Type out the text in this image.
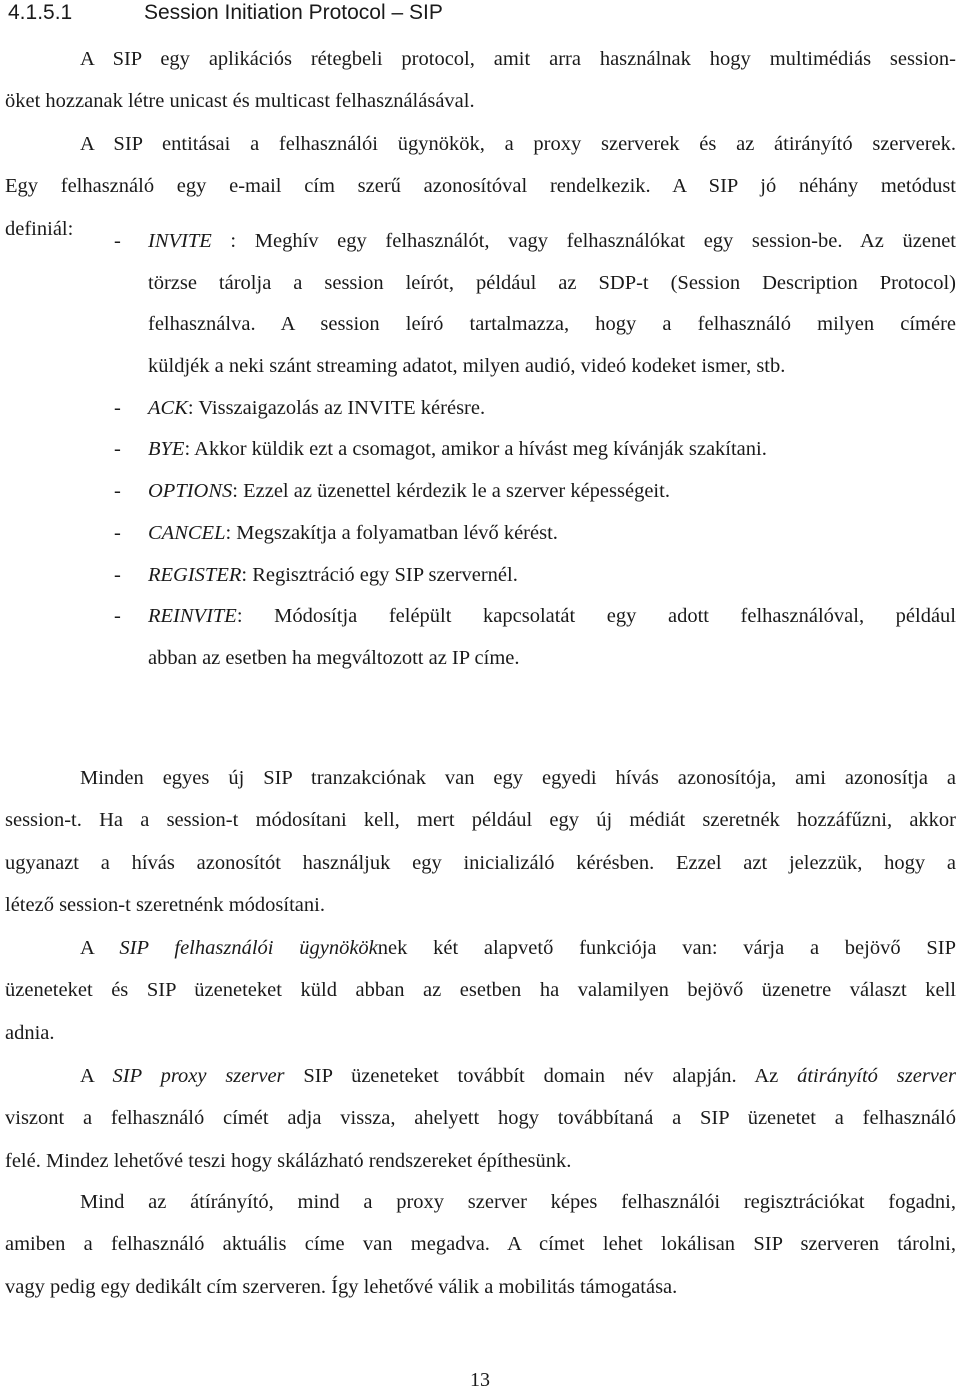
4.1.5.1	Session Initiation Protocol – SIP
A SIP egy aplikációs rétegbeli protocol, amit arra használnak hogy multimédiás session-
öket hozzanak létre unicast és multicast felhasználásával.
A SIP entitásai a felhasználói ügynökök, a proxy szerverek és az átirányító szerverek.
Egy felhasználó egy e-mail cím szerű azonosítóval rendelkezik. A SIP jó néhány metódust
definiál:
- INVITE : Meghív egy felhasználót, vagy felhasználókat egy session-be. Az üzenet
törzse tárolja a session leírót, például az SDP-t (Session Description Protocol)
felhasználva. A session leíró tartalmazza, hogy a felhasználó milyen címére
küldjék a neki szánt streaming adatot, milyen audió, videó kodeket ismer, stb.
- ACK: Visszaigazolás az INVITE kérésre.
- BYE: Akkor küldik ezt a csomagot, amikor a hívást meg kívánják szakítani.
- OPTIONS: Ezzel az üzenettel kérdezik le a szerver képességeit.
- CANCEL: Megszakítja a folyamatban lévő kérést.
- REGISTER: Regisztráció egy SIP szervernél.
- REINVITE: Módosítja felépült kapcsolatát egy adott felhasználóval, például
abban az esetben ha megváltozott az IP címe.
Minden egyes új SIP tranzakciónak van egy egyedi hívás azonosítója, ami azonosítja a
session-t. Ha a session-t módosítani kell, mert például egy új médiát szeretnék hozzáfűzni, akkor
ugyanazt a hívás azonosítót használjuk egy inicializáló kérésben. Ezzel azt jelezzük, hogy a
létező session-t szeretnénk módosítani.
A SIP felhasználói ügynököknek két alapvető funkciója van: várja a bejövő SIP
üzeneteket és SIP üzeneteket küld abban az esetben ha valamilyen bejövő üzenetre választ kell
adnia.
A SIP proxy szerver SIP üzeneteket továbbít domain név alapján. Az átirányító szerver
viszont a felhasználó címét adja vissza, ahelyett hogy továbbítaná a SIP üzenetet a felhasználó
felé. Mindez lehetővé teszi hogy skálázható rendszereket építhesünk.
Mind az átírányító, mind a proxy szerver képes felhasználói regisztrációkat fogadni,
amiben a felhasználó aktuális címe van megadva. A címet lehet lokálisan SIP szerveren tárolni,
vagy pedig egy dedikált cím szerveren. Így lehetővé válik a mobilitás támogatása.
13
